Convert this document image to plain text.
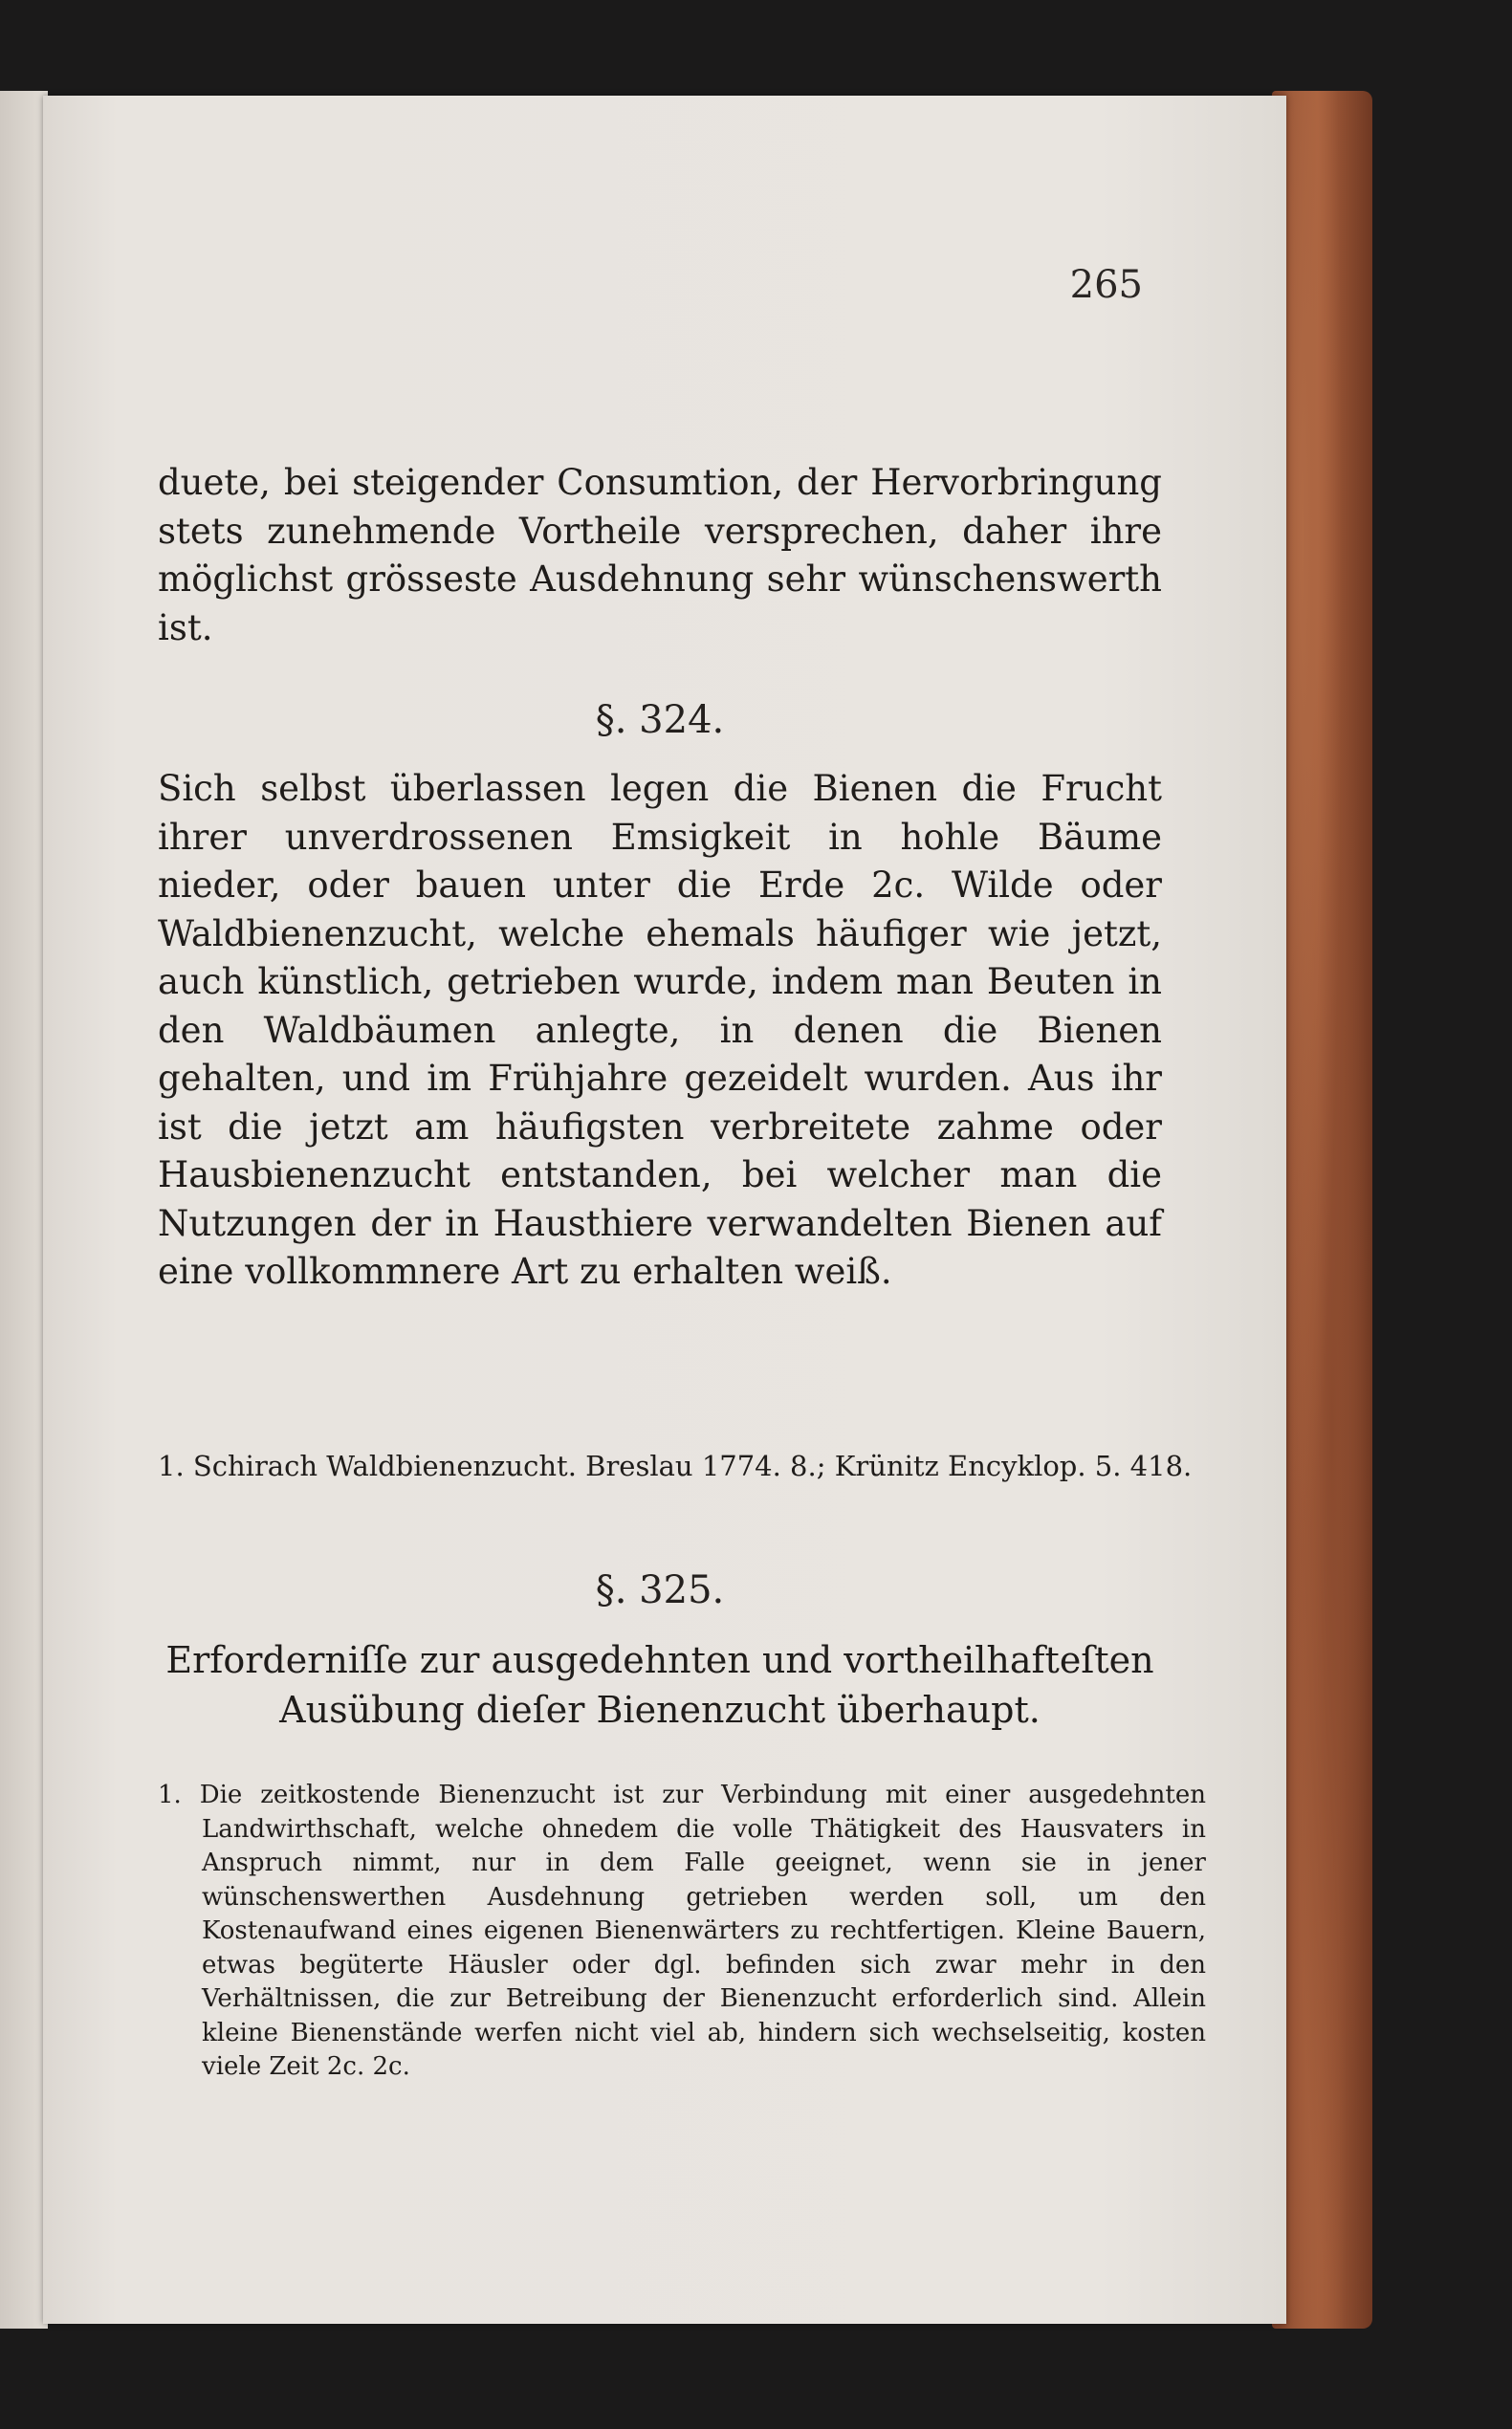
265

duete, bei steigender Consumtion, der Hervorbringung stets zunehmende Vortheile versprechen, daher ihre möglichst grösseste Ausdehnung sehr wünschenswerth ist.

§. 324.

Sich selbst überlassen legen die Bienen die Frucht ihrer unverdrossenen Emsigkeit in hohle Bäume nieder, oder bauen unter die Erde 2c. Wilde oder Waldbienenzucht, welche ehemals häufiger wie jetzt, auch künstlich, getrieben wurde, indem man Beuten in den Waldbäumen anlegte, in denen die Bienen gehalten, und im Frühjahre gezeidelt wurden. Aus ihr ist die jetzt am häufigsten verbreitete zahme oder Hausbienenzucht entstanden, bei welcher man die Nutzungen der in Hausthiere verwandelten Bienen auf eine vollkommnere Art zu erhalten weiß.

1. Schirach Waldbienenzucht. Breslau 1774. 8.; Krünitz Encyklop. 5. 418.

§. 325.

Erforderniſſe zur ausgedehnten und vortheilhafteſten Ausübung dieſer Bienenzucht überhaupt.

1. Die zeitkostende Bienenzucht ist zur Verbindung mit einer ausgedehnten Landwirthschaft, welche ohnedem die volle Thätigkeit des Hausvaters in Anspruch nimmt, nur in dem Falle geeignet, wenn sie in jener wünschenswerthen Ausdehnung getrieben werden soll, um den Kostenaufwand eines eigenen Bienenwärters zu rechtfertigen. Kleine Bauern, etwas begüterte Häusler oder dgl. befinden sich zwar mehr in den Verhältnissen, die zur Betreibung der Bienenzucht erforderlich sind. Allein kleine Bienenstände werfen nicht viel ab, hindern sich wechselseitig, kosten viele Zeit 2c. 2c.
